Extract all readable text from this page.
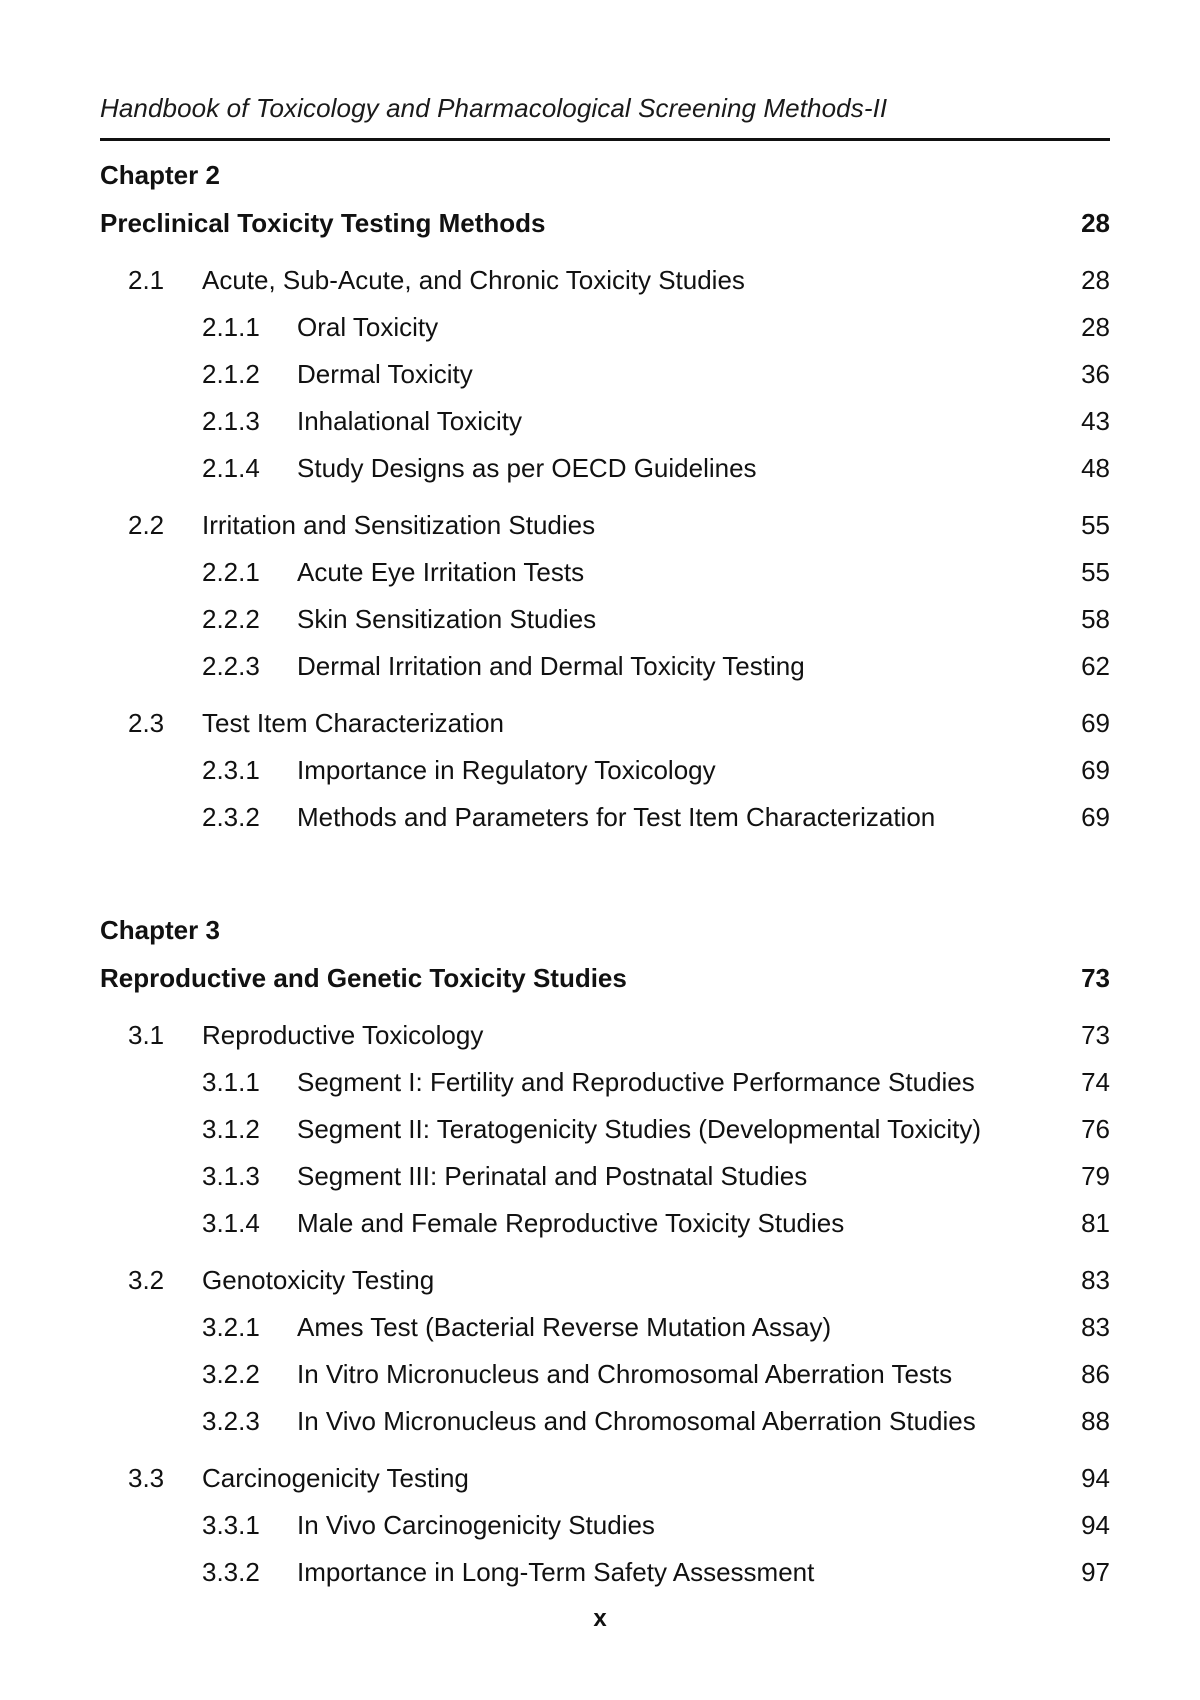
Handbook of Toxicology and Pharmacological Screening Methods-II
Chapter 2
Preclinical Toxicity Testing Methods	28
2.1	Acute, Sub-Acute, and Chronic Toxicity Studies	28
2.1.1	Oral Toxicity	28
2.1.2	Dermal Toxicity	36
2.1.3	Inhalational Toxicity	43
2.1.4	Study Designs as per OECD Guidelines	48
2.2	Irritation and Sensitization Studies	55
2.2.1	Acute Eye Irritation Tests	55
2.2.2	Skin Sensitization Studies	58
2.2.3	Dermal Irritation and Dermal Toxicity Testing	62
2.3	Test Item Characterization	69
2.3.1	Importance in Regulatory Toxicology	69
2.3.2	Methods and Parameters for Test Item Characterization	69
Chapter 3
Reproductive and Genetic Toxicity Studies	73
3.1	Reproductive Toxicology	73
3.1.1	Segment I: Fertility and Reproductive Performance Studies	74
3.1.2	Segment II: Teratogenicity Studies (Developmental Toxicity)	76
3.1.3	Segment III: Perinatal and Postnatal Studies	79
3.1.4	Male and Female Reproductive Toxicity Studies	81
3.2	Genotoxicity Testing	83
3.2.1	Ames Test (Bacterial Reverse Mutation Assay)	83
3.2.2	In Vitro Micronucleus and Chromosomal Aberration Tests	86
3.2.3	In Vivo Micronucleus and Chromosomal Aberration Studies	88
3.3	Carcinogenicity Testing	94
3.3.1	In Vivo Carcinogenicity Studies	94
3.3.2	Importance in Long-Term Safety Assessment	97
x
